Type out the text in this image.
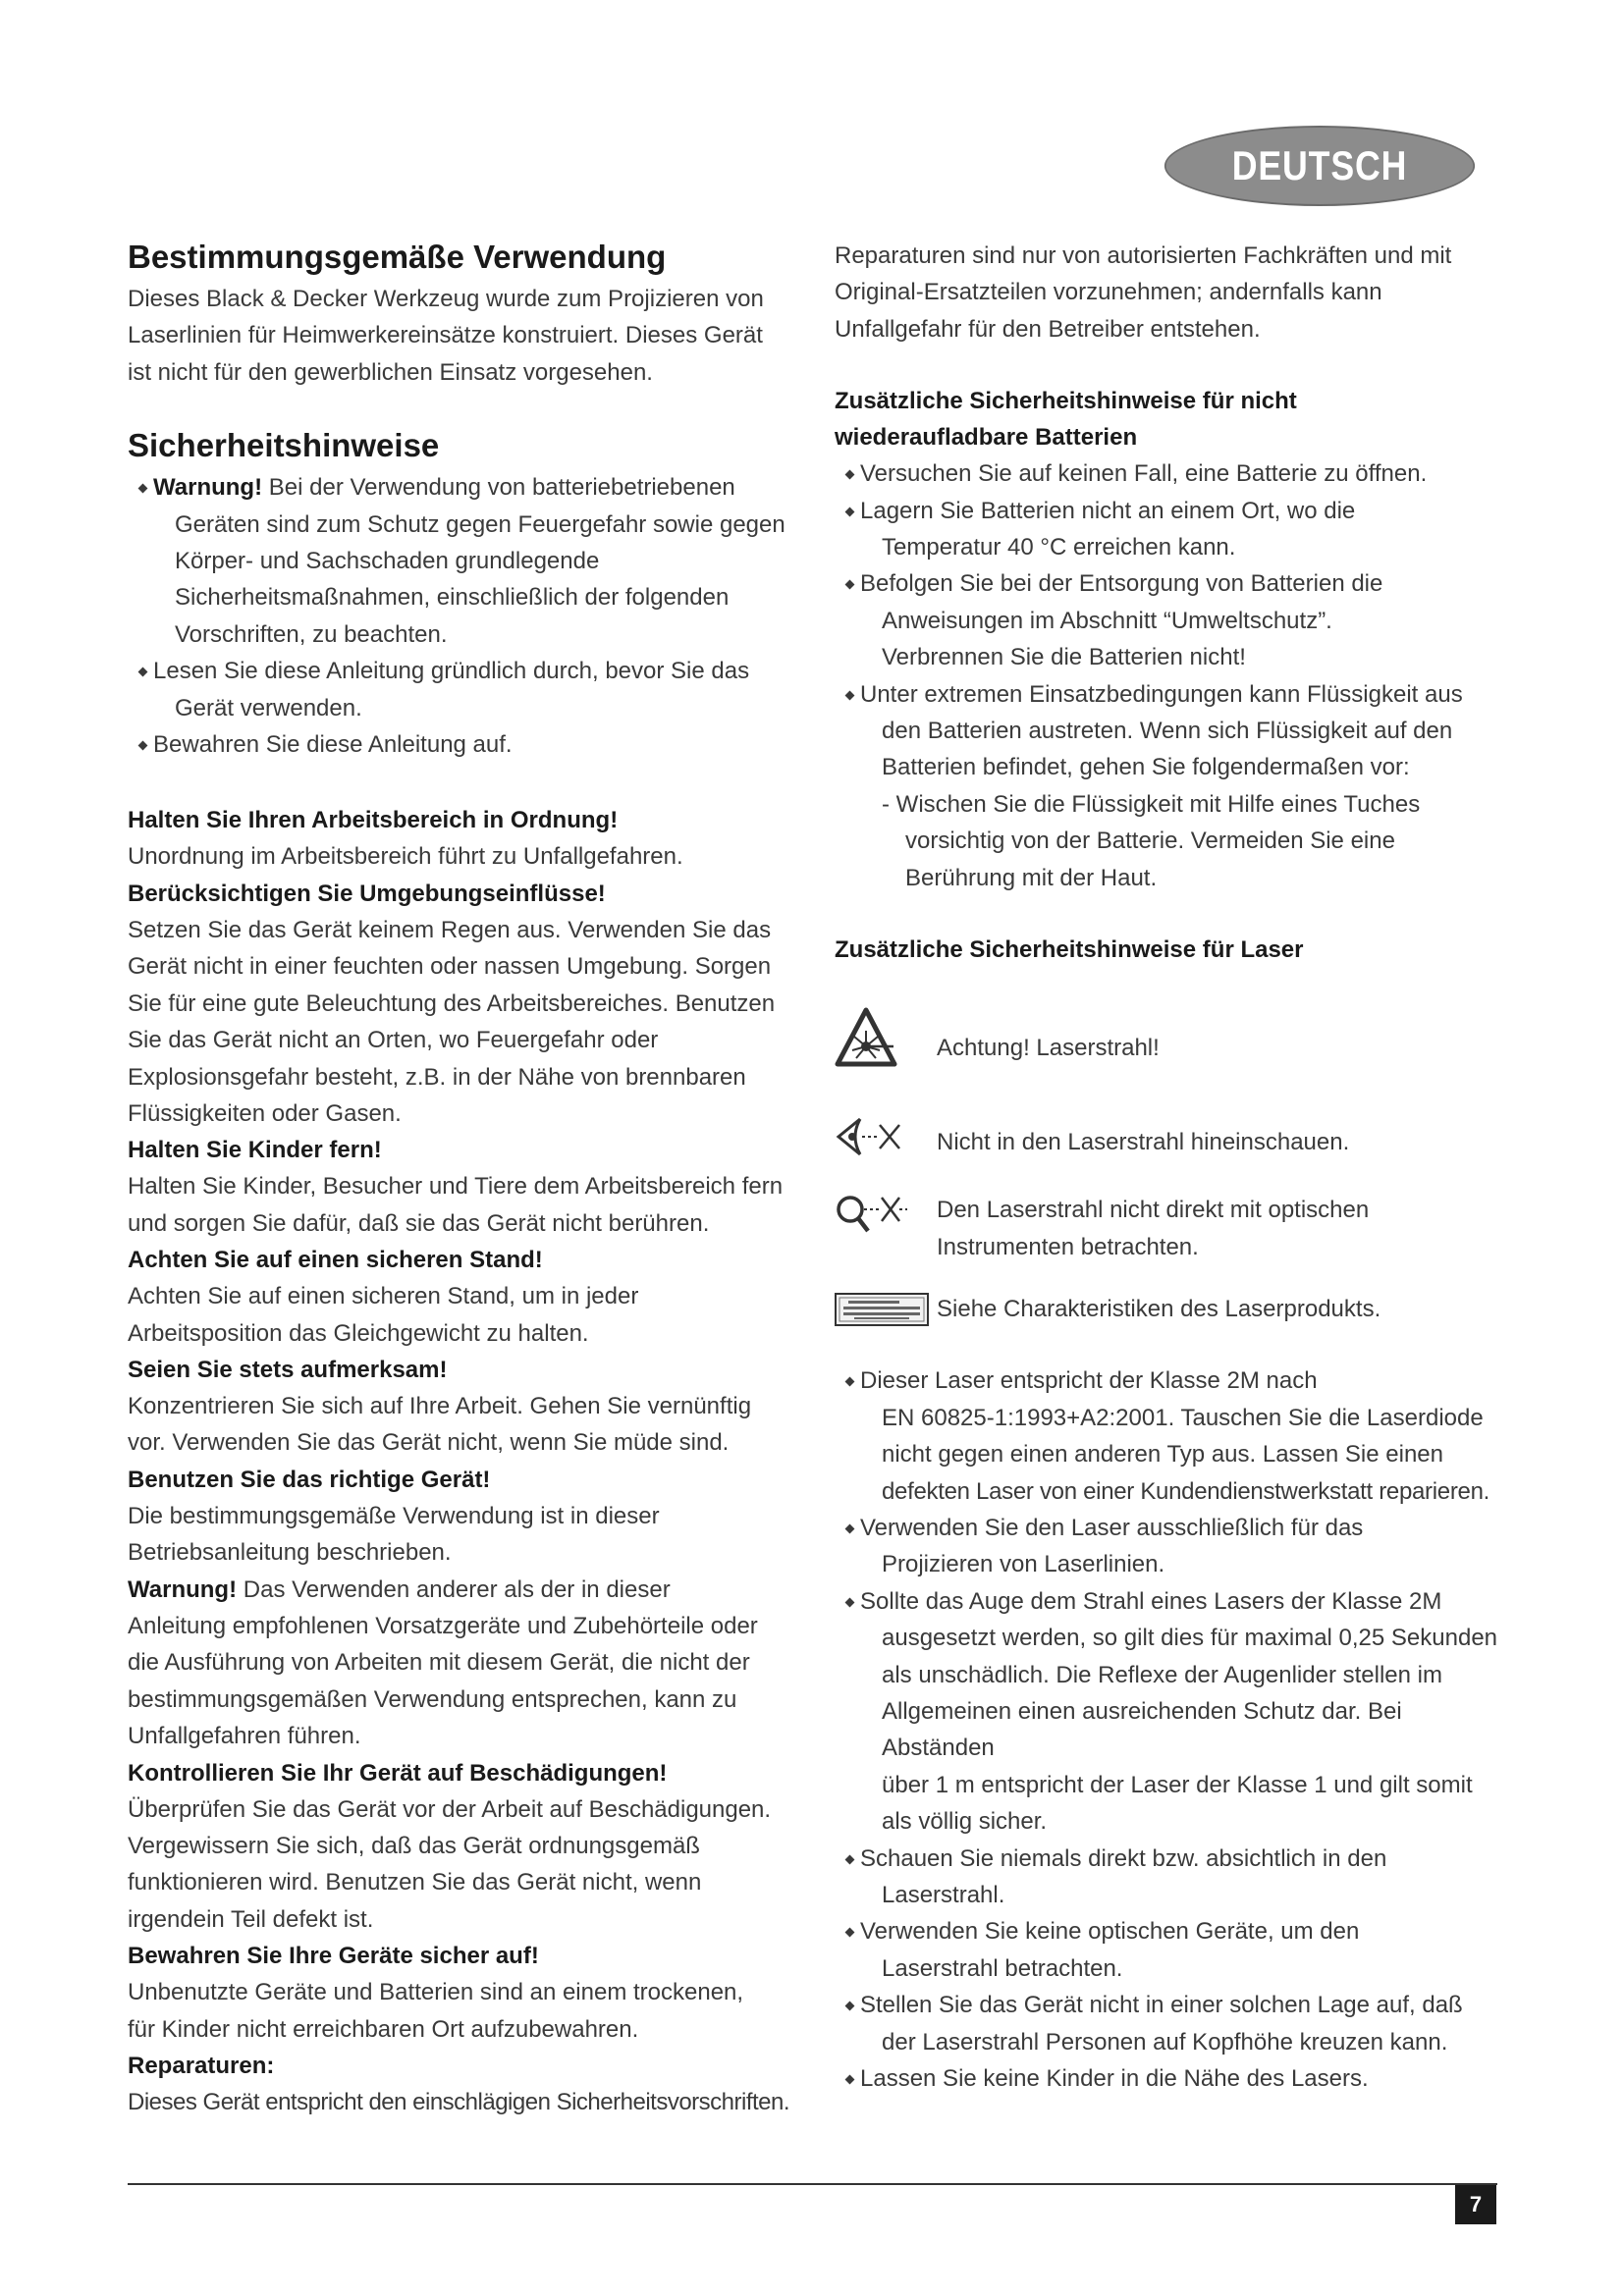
DEUTSCH
Bestimmungsgemäße Verwendung

Dieses Black & Decker Werkzeug wurde zum Projizieren von

Laserlinien für Heimwerkereinsätze konstruiert. Dieses Gerät

ist nicht für den gewerblichen Einsatz vorgesehen.

Sicherheitshinweise
Warnung! Bei der Verwendung von batteriebetriebenen
Geräten sind zum Schutz gegen Feuergefahr sowie gegen
Körper- und Sachschaden grundlegende
Sicherheitsmaßnahmen, einschließlich der folgenden
Vorschriften, zu beachten.
Lesen Sie diese Anleitung gründlich durch, bevor Sie das
Gerät verwenden.
Bewahren Sie diese Anleitung auf.
Halten Sie Ihren Arbeitsbereich in Ordnung!

Unordnung im Arbeitsbereich führt zu Unfallgefahren.

Berücksichtigen Sie Umgebungseinflüsse!

Setzen Sie das Gerät keinem Regen aus. Verwenden Sie das

Gerät nicht in einer feuchten oder nassen Umgebung. Sorgen

Sie für eine gute Beleuchtung des Arbeitsbereiches. Benutzen

Sie das Gerät nicht an Orten, wo Feuergefahr oder

Explosionsgefahr besteht, z.B. in der Nähe von brennbaren

Flüssigkeiten oder Gasen.

Halten Sie Kinder fern!

Halten Sie Kinder, Besucher und Tiere dem Arbeitsbereich fern

und sorgen Sie dafür, daß sie das Gerät nicht berühren.

Achten Sie auf einen sicheren Stand!

Achten Sie auf einen sicheren Stand, um in jeder

Arbeitsposition das Gleichgewicht zu halten.

Seien Sie stets aufmerksam!

Konzentrieren Sie sich auf Ihre Arbeit. Gehen Sie vernünftig

vor. Verwenden Sie das Gerät nicht, wenn Sie müde sind.

Benutzen Sie das richtige Gerät!

Die bestimmungsgemäße Verwendung ist in dieser

Betriebsanleitung beschrieben.

Warnung! Das Verwenden anderer als der in dieser

Anleitung empfohlenen Vorsatzgeräte und Zubehörteile oder

die Ausführung von Arbeiten mit diesem Gerät, die nicht der

bestimmungsgemäßen Verwendung entsprechen, kann zu

Unfallgefahren führen.

Kontrollieren Sie Ihr Gerät auf Beschädigungen!

Überprüfen Sie das Gerät vor der Arbeit auf Beschädigungen.

Vergewissern Sie sich, daß das Gerät ordnungsgemäß

funktionieren wird. Benutzen Sie das Gerät nicht, wenn

irgendein Teil defekt ist.

Bewahren Sie Ihre Geräte sicher auf!

Unbenutzte Geräte und Batterien sind an einem trockenen,

für Kinder nicht erreichbaren Ort aufzubewahren.

Reparaturen:

Dieses Gerät entspricht den einschlägigen Sicherheitsvorschriften.

Reparaturen sind nur von autorisierten Fachkräften und mit

Original-Ersatzteilen vorzunehmen; andernfalls kann

Unfallgefahr für den Betreiber entstehen.

Zusätzliche Sicherheitshinweise für nicht
wiederaufladbare Batterien
Versuchen Sie auf keinen Fall, eine Batterie zu öffnen.
Lagern Sie Batterien nicht an einem Ort, wo die
Temperatur 40 °C erreichen kann.
Befolgen Sie bei der Entsorgung von Batterien die
Anweisungen im Abschnitt “Umweltschutz”.
Verbrennen Sie die Batterien nicht!
Unter extremen Einsatzbedingungen kann Flüssigkeit aus
den Batterien austreten. Wenn sich Flüssigkeit auf den
Batterien befindet, gehen Sie folgendermaßen vor:
- Wischen Sie die Flüssigkeit mit Hilfe eines Tuches
vorsichtig von der Batterie. Vermeiden Sie eine
Berührung mit der Haut.
Zusätzliche Sicherheitshinweise für Laser
Achtung! Laserstrahl!
Nicht in den Laserstrahl hineinschauen.
Den Laserstrahl nicht direkt mit optischen
Instrumenten betrachten.
Siehe Charakteristiken des Laserprodukts.
Dieser Laser entspricht der Klasse 2M nach
EN 60825-1:1993+A2:2001. Tauschen Sie die Laserdiode
nicht gegen einen anderen Typ aus. Lassen Sie einen
defekten Laser von einer Kundendienstwerkstatt reparieren.
Verwenden Sie den Laser ausschließlich für das
Projizieren von Laserlinien.
Sollte das Auge dem Strahl eines Lasers der Klasse 2M
ausgesetzt werden, so gilt dies für maximal 0,25 Sekunden
als unschädlich. Die Reflexe der Augenlider stellen im
Allgemeinen einen ausreichenden Schutz dar. Bei Abständen
über 1 m entspricht der Laser der Klasse 1 und gilt somit
als völlig sicher.
Schauen Sie niemals direkt bzw. absichtlich in den
Laserstrahl.
Verwenden Sie keine optischen Geräte, um den
Laserstrahl betrachten.
Stellen Sie das Gerät nicht in einer solchen Lage auf, daß
der Laserstrahl Personen auf Kopfhöhe kreuzen kann.
Lassen Sie keine Kinder in die Nähe des Lasers.
7
